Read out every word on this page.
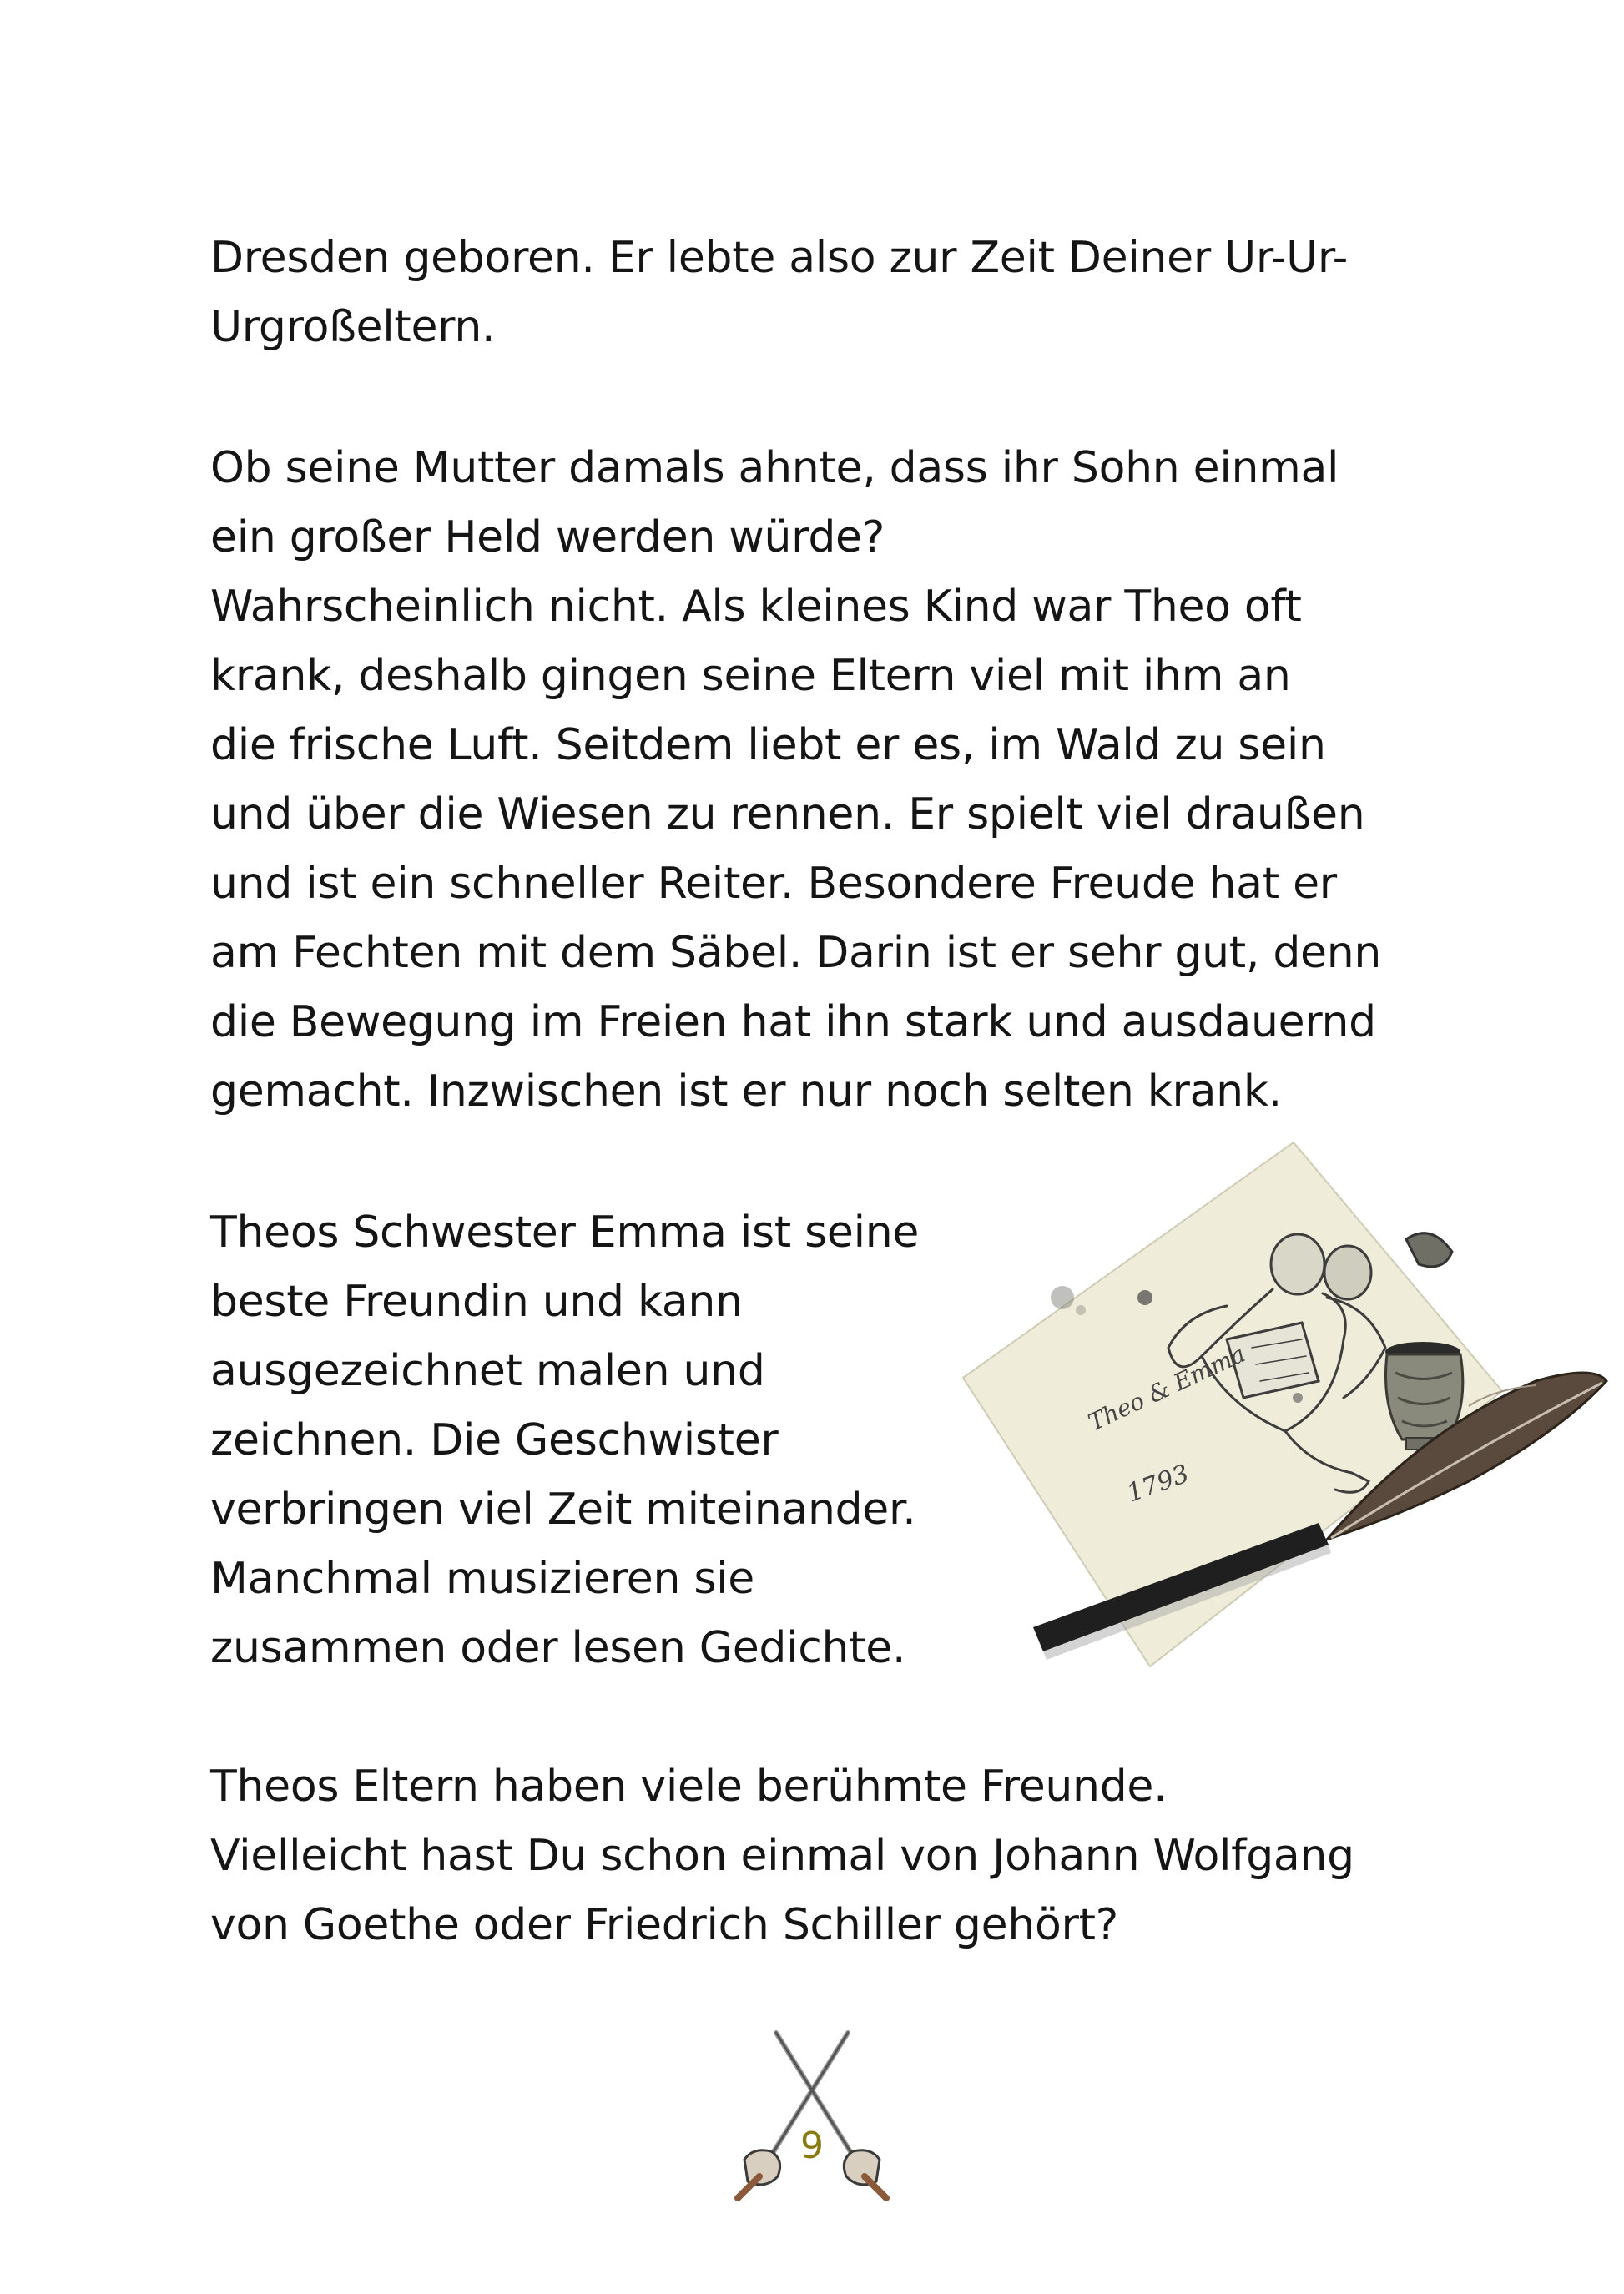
Dresden geboren. Er lebte also zur Zeit Deiner Ur-Ur-
Urgroßeltern.
Ob seine Mutter damals ahnte, dass ihr Sohn einmal
ein großer Held werden würde?
Wahrscheinlich nicht. Als kleines Kind war Theo oft
krank, deshalb gingen seine Eltern viel mit ihm an
die frische Luft. Seitdem liebt er es, im Wald zu sein
und über die Wiesen zu rennen. Er spielt viel draußen
und ist ein schneller Reiter. Besondere Freude hat er
am Fechten mit dem Säbel. Darin ist er sehr gut, denn
die Bewegung im Freien hat ihn stark und ausdauernd
gemacht. Inzwischen ist er nur noch selten krank.
Theos Schwester Emma ist seine
beste Freundin und kann
ausgezeichnet malen und
zeichnen. Die Geschwister
verbringen viel Zeit miteinander.
Manchmal musizieren sie
zusammen oder lesen Gedichte.
Theo & Emma
1793
Theos Eltern haben viele berühmte Freunde.
Vielleicht hast Du schon einmal von Johann Wolfgang
von Goethe oder Friedrich Schiller gehört?
9
